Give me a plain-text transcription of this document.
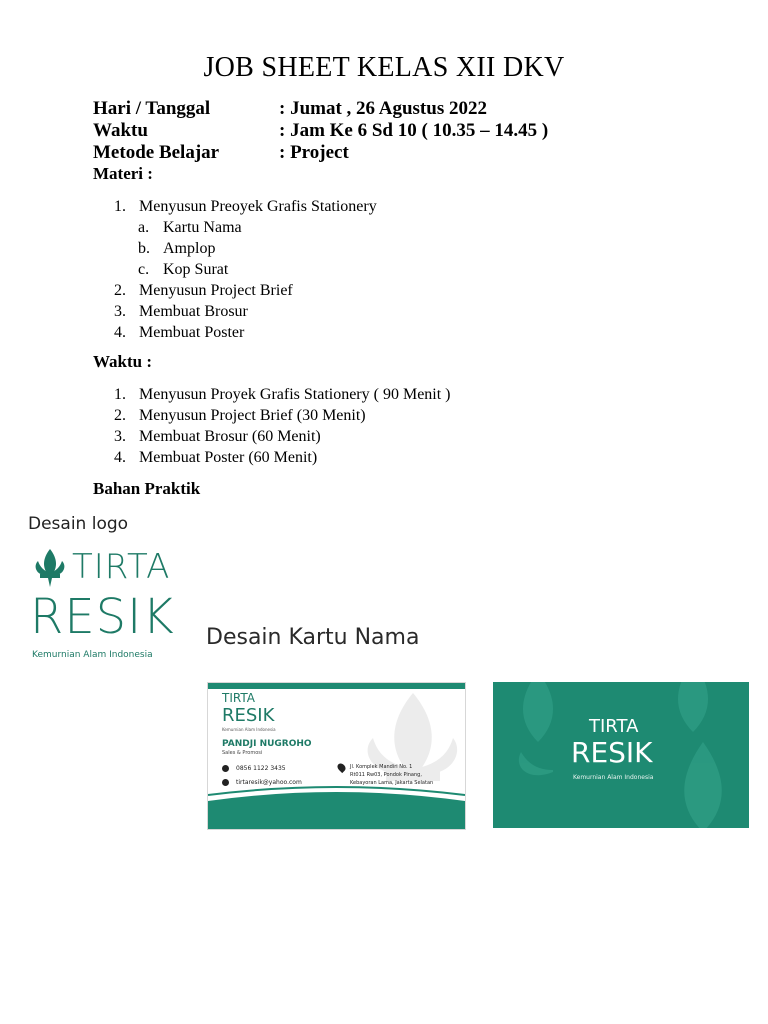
JOB SHEET KELAS XII DKV
Hari / Tanggal	: Jumat , 26 Agustus 2022
Waktu	: Jam Ke 6 Sd 10 ( 10.35 – 14.45 )
Metode Belajar	: Project
Materi :
1. Menyusun Preoyek Grafis Stationery
a. Kartu Nama
b. Amplop
c. Kop Surat
2. Menyusun Project Brief
3. Membuat Brosur
4. Membuat Poster
Waktu :
1. Menyusun Proyek Grafis Stationery ( 90 Menit )
2. Menyusun Project Brief (30 Menit)
3. Membuat Brosur (60 Menit)
4. Membuat Poster (60 Menit)
Bahan Praktik
Desain logo
TIRTA
RESIK
Kemurnian Alam Indonesia
Desain Kartu Nama
TIRTA
RESIK
Kemurnian Alam Indonesia
PANDJI NUGROHO
Sales & Promosi
0856 1122 3435
tirtaresik@yahoo.com
Jl. Komplek Mandiri No. 1
Rt011 Rw03, Pondok Pinang,
Kebayoran Lama, Jakarta Selatan
TIRTA
RESIK
Kemurnian Alam Indonesia
